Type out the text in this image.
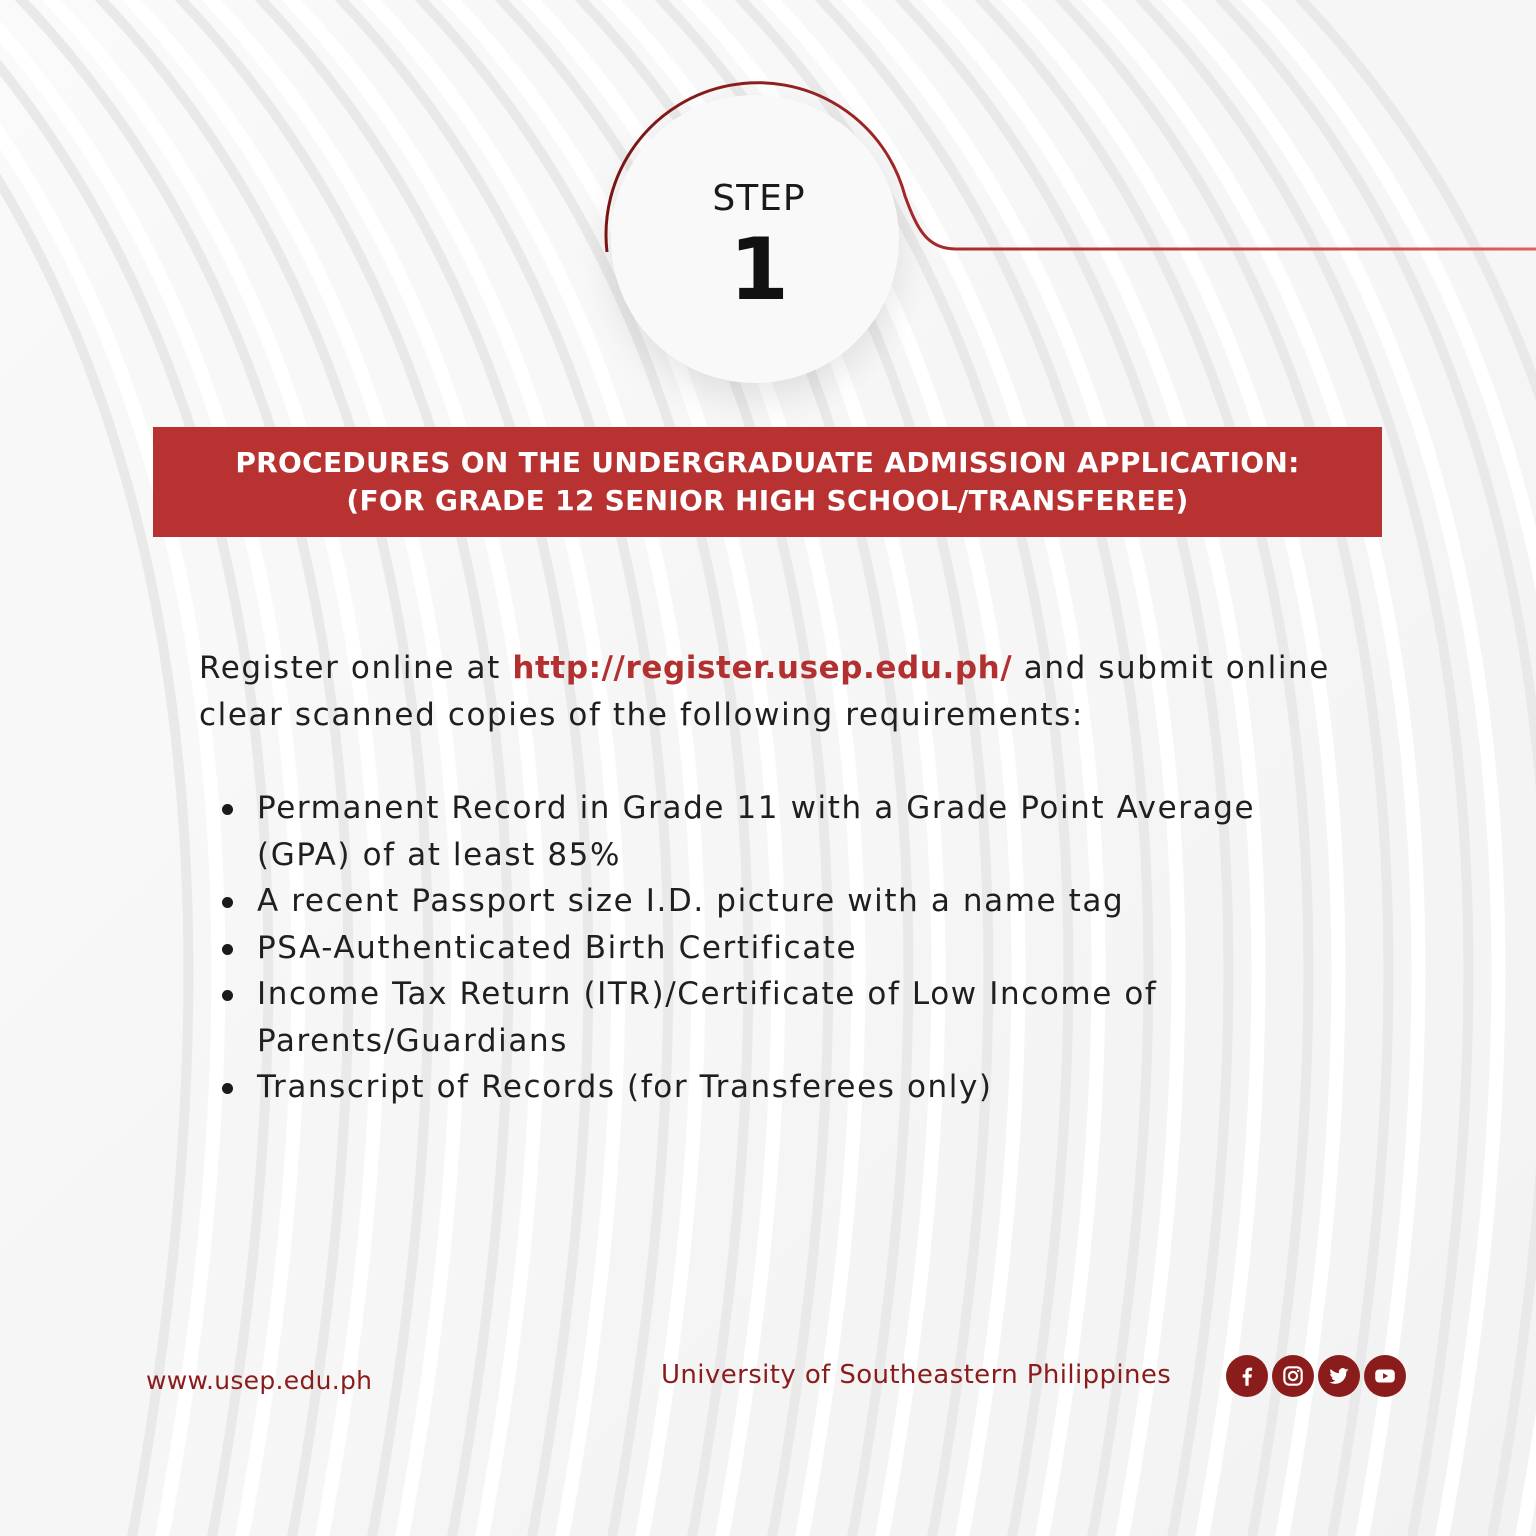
STEP
1
PROCEDURES ON THE UNDERGRADUATE ADMISSION APPLICATION:
(FOR GRADE 12 SENIOR HIGH SCHOOL/TRANSFEREE)
Register online at http://register.usep.edu.ph/ and submit online clear scanned copies of the following requirements:
Permanent Record in Grade 11 with a Grade Point Average (GPA) of at least 85%
A recent Passport size I.D. picture with a name tag
PSA-Authenticated Birth Certificate
Income Tax Return (ITR)/Certificate of Low Income of Parents/Guardians
Transcript of Records (for Transferees only)
www.usep.edu.ph	University of Southeastern Philippines
